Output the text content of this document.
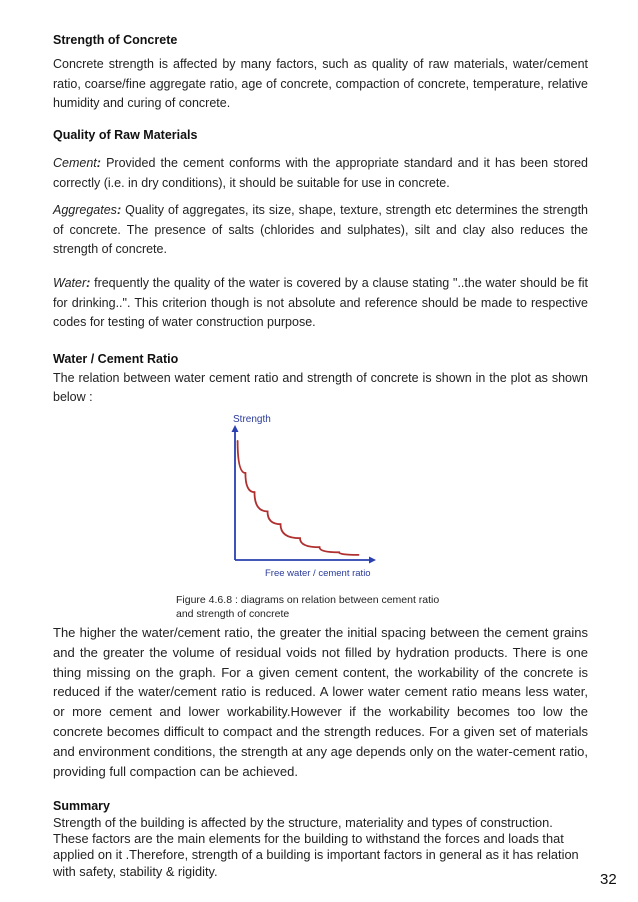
Strength of Concrete
Concrete strength is affected by many factors, such as quality of raw materials, water/cement ratio, coarse/fine aggregate ratio, age of concrete, compaction of concrete, temperature, relative humidity and curing of concrete.
Quality of Raw Materials
Cement: Provided the cement conforms with the appropriate standard and it has been stored correctly (i.e. in dry conditions), it should be suitable for use in concrete.
Aggregates: Quality of aggregates, its size, shape, texture, strength etc determines the strength of concrete. The presence of salts (chlorides and sulphates), silt and clay also reduces the strength of concrete.
Water: frequently the quality of the water is covered by a clause stating "..the water should be fit for drinking..". This criterion though is not absolute and reference should be made to respective codes for testing of water construction purpose.
Water / Cement Ratio
The relation between water cement ratio and strength of concrete is shown in the plot as shown below :
Strength
Free water / cement ratio
Figure 4.6.8 : diagrams on relation between cement ratio
and strength of concrete
The higher the water/cement ratio, the greater the initial spacing between the cement grains and the greater the volume of residual voids not filled by hydration products. There is one thing missing on the graph. For a given cement content, the workability of the concrete is reduced if the water/cement ratio is reduced. A lower water cement ratio means less water, or more cement and lower workability.However if the workability becomes too low the concrete becomes difficult to compact and the strength reduces. For a given set of materials and environment conditions, the strength at any age depends only on the water-cement ratio, providing full compaction can be achieved.
Summary
Strength of the building is affected by the structure, materiality and types of construction. These factors are the main elements for the building to withstand the forces and loads that applied on it .Therefore, strength of a building is important factors in general as it has relation with safety, stability & rigidity.	32
